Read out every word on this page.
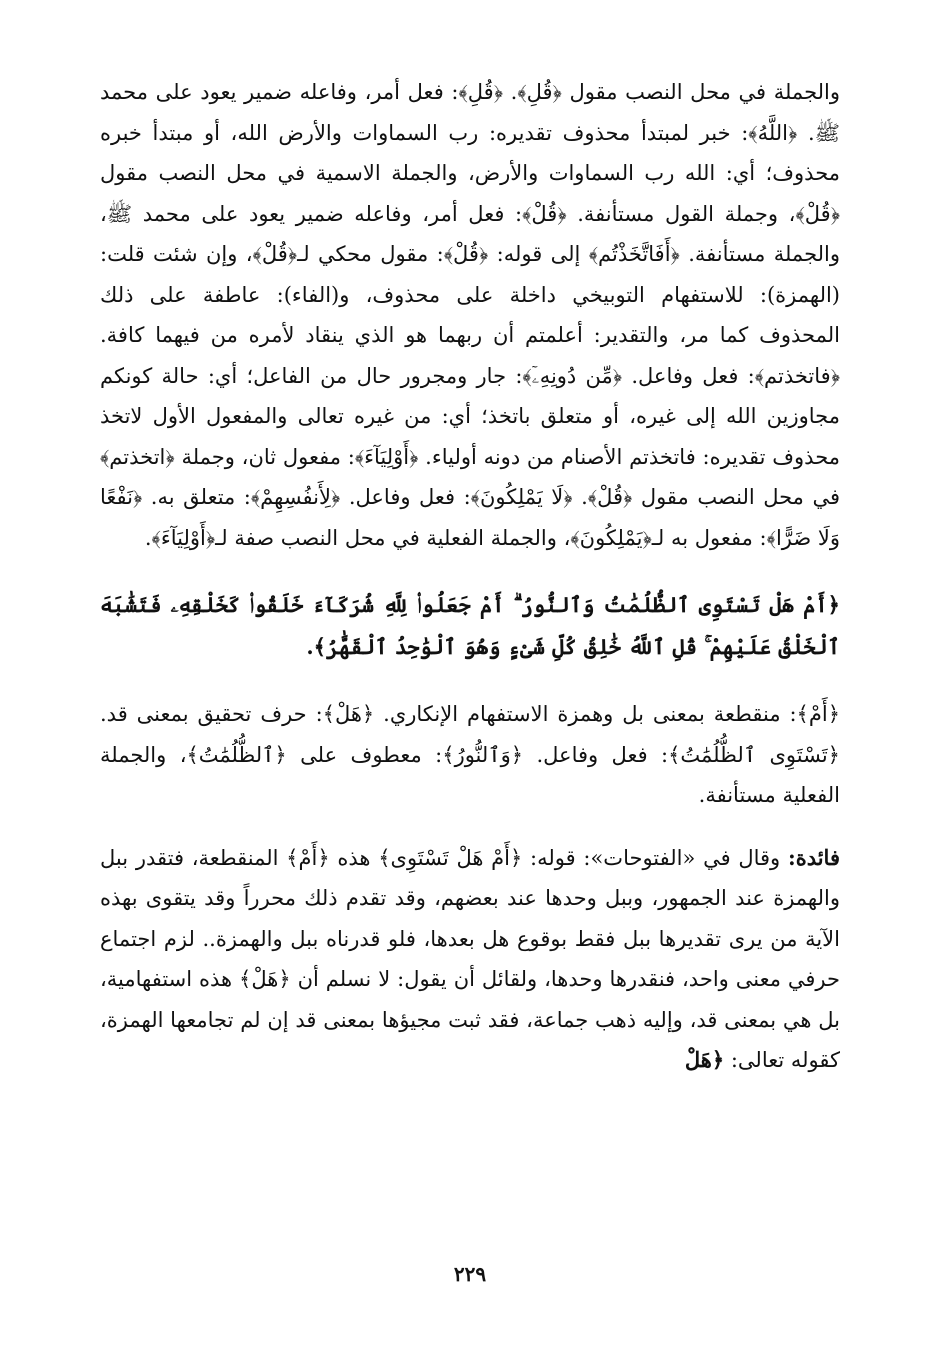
والجملة في محل النصب مقول ﴿قُلِ﴾. ﴿قُلِ﴾: فعل أمر، وفاعله ضمير يعود على محمد ﷺ. ﴿اللَّهُ﴾: خبر لمبتدأ محذوف تقديره: رب السماوات والأرض الله، أو مبتدأ خبره محذوف؛ أي: الله رب السماوات والأرض، والجملة الاسمية في محل النصب مقول ﴿قُلْ﴾، وجملة القول مستأنفة. ﴿قُلْ﴾: فعل أمر، وفاعله ضمير يعود على محمد ﷺ، والجملة مستأنفة. ﴿أَفَاتَّخَذْتُم﴾ إلى قوله: ﴿قُلْ﴾: مقول محكي لـ﴿قُلْ﴾، وإن شئت قلت: (الهمزة): للاستفهام التوبيخي داخلة على محذوف، و(الفاء): عاطفة على ذلك المحذوف كما مر، والتقدير: أعلمتم أن ربهما هو الذي ينقاد لأمره من فيهما كافة. ﴿فاتخذتم﴾: فعل وفاعل. ﴿مِّن دُونِهِۦٓ﴾: جار ومجرور حال من الفاعل؛ أي: حالة كونكم مجاوزين الله إلى غيره، أو متعلق باتخذ؛ أي: من غيره تعالى والمفعول الأول لاتخذ محذوف تقديره: فاتخذتم الأصنام من دونه أولياء. ﴿أَوْلِيَآءَ﴾: مفعول ثان، وجملة ﴿اتخذتم﴾ في محل النصب مقول ﴿قُلْ﴾. ﴿لَا يَمْلِكُونَ﴾: فعل وفاعل. ﴿لِأَنفُسِهِمْ﴾: متعلق به. ﴿نَفْعًا وَلَا ضَرًّا﴾: مفعول به لـ﴿يَمْلِكُونَ﴾، والجملة الفعلية في محل النصب صفة لـ﴿أَوْلِيَآءَ﴾.

﴿أَمْ هَلْ تَسْتَوِى ٱلظُّلُمَٰتُ وَٱلنُّورُ ۗ أَمْ جَعَلُوا۟ لِلَّهِ شُرَكَآءَ خَلَقُوا۟ كَخَلْقِهِۦ فَتَشَٰبَهَ ٱلْخَلْقُ عَلَيْهِمْ ۚ قُلِ ٱللَّهُ خَٰلِقُ كُلِّ شَىْءٍ وَهُوَ ٱلْوَٰحِدُ ٱلْقَهَّٰرُ﴾.

﴿أَمْ﴾: منقطعة بمعنى بل وهمزة الاستفهام الإنكاري. ﴿هَلْ﴾: حرف تحقيق بمعنى قد. ﴿تَسْتَوِى ٱلظُّلُمَٰتُ﴾: فعل وفاعل. ﴿وَٱلنُّورُ﴾: معطوف على ﴿ٱلظُّلُمَٰتُ﴾، والجملة الفعلية مستأنفة.

فائدة: وقال في «الفتوحات»: قوله: ﴿أَمْ هَلْ تَسْتَوِى﴾ هذه ﴿أَمْ﴾ المنقطعة، فتقدر ببل والهمزة عند الجمهور، وببل وحدها عند بعضهم، وقد تقدم ذلك محرراً وقد يتقوى بهذه الآية من يرى تقديرها ببل فقط بوقوع هل بعدها، فلو قدرناه ببل والهمزة.. لزم اجتماع حرفي معنى واحد، فنقدرها وحدها، ولقائل أن يقول: لا نسلم أن ﴿هَلْ﴾ هذه استفهامية، بل هي بمعنى قد، وإليه ذهب جماعة، فقد ثبت مجيؤها بمعنى قد إن لم تجامعها الهمزة، كقوله تعالى: ﴿هَلْ

٢٢٩
